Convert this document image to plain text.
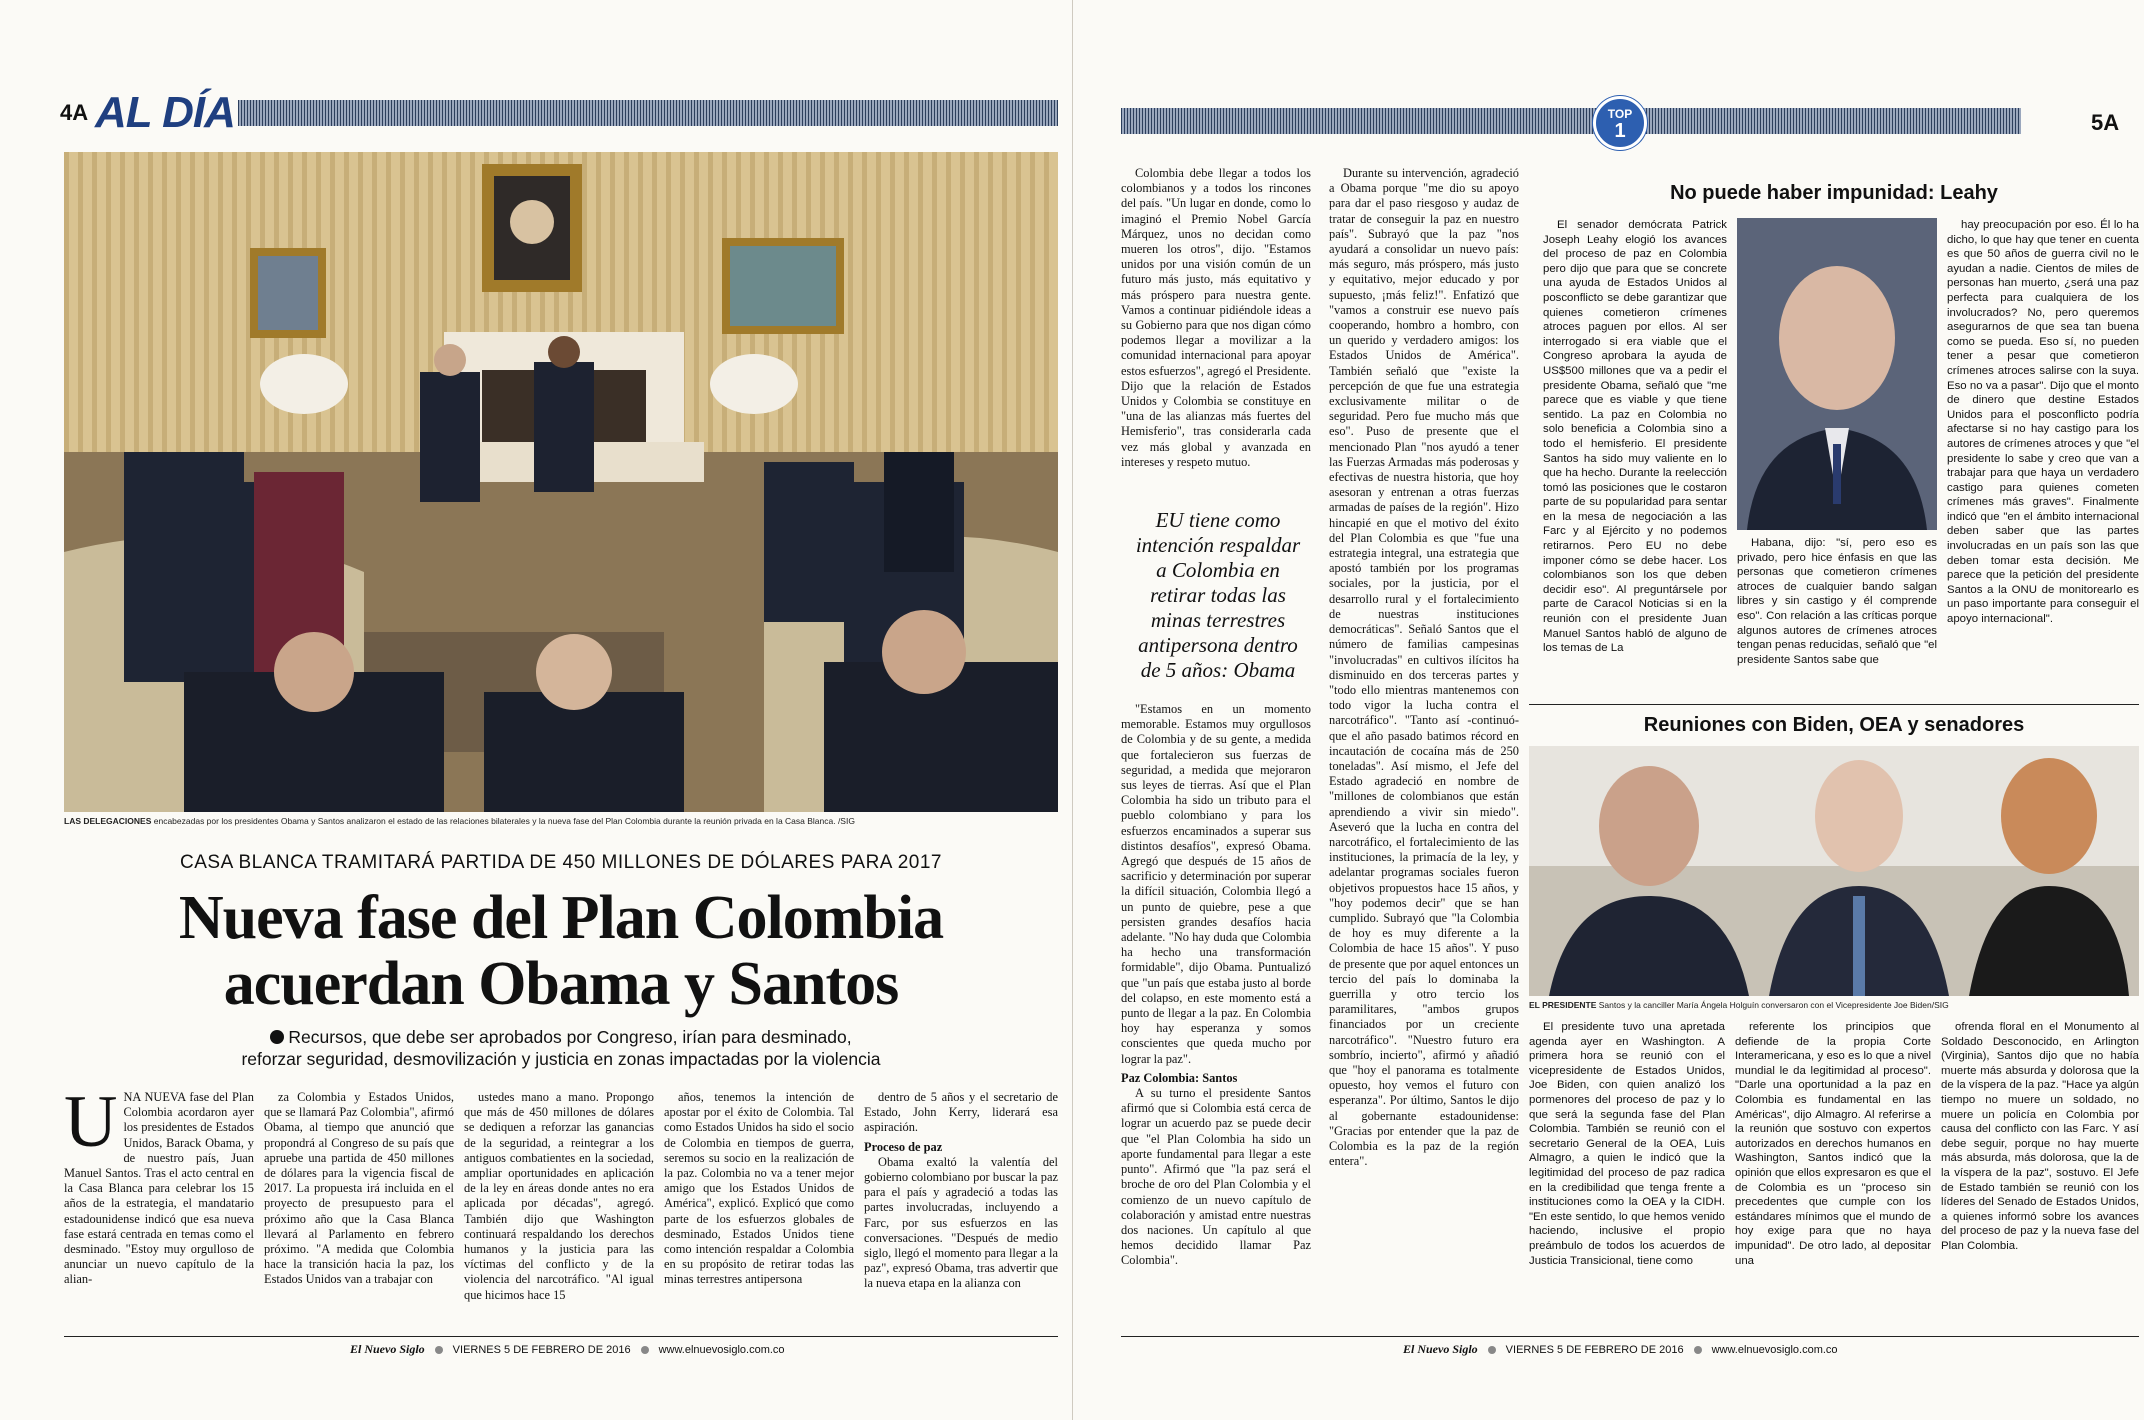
4A AL DÍA
LAS DELEGACIONES encabezadas por los presidentes Obama y Santos analizaron el estado de las relaciones bilaterales y la nueva fase del Plan Colombia durante la reunión privada en la Casa Blanca. /SIG
CASA BLANCA TRAMITARÁ PARTIDA DE 450 MILLONES DE DÓLARES PARA 2017
Nueva fase del Plan Colombia
acuerdan Obama y Santos
Recursos, que debe ser aprobados por Congreso, irían para desminado,
reforzar seguridad, desmovilización y justicia en zonas impactadas por la violencia
U NA NUEVA fase del Plan Colombia acordaron ayer los presidentes de Estados Unidos, Barack Obama, y de nuestro país, Juan Manuel Santos. Tras el acto central en la Casa Blanca para celebrar los 15 años de la estrategia, el mandatario estadounidense indicó que esa nueva fase estará centrada en temas como el desminado. "Estoy muy orgulloso de anunciar un nuevo capítulo de la alian-

za Colombia y Estados Unidos, que se llamará Paz Colombia", afirmó Obama, al tiempo que anunció que propondrá al Congreso de su país que apruebe una partida de 450 millones de dólares para la vigencia fiscal de 2017. La propuesta irá incluida en el proyecto de presupuesto para el próximo año que la Casa Blanca llevará al Parlamento en febrero próximo. "A medida que Colombia hace la transición hacia la paz, los Estados Unidos van a trabajar con

ustedes mano a mano. Propongo que más de 450 millones de dólares se dediquen a reforzar las ganancias de la seguridad, a reintegrar a los antiguos combatientes en la sociedad, ampliar oportunidades en aplicación de la ley en áreas donde antes no era aplicada por décadas", agregó. También dijo que Washington continuará respaldando los derechos humanos y la justicia para las víctimas del conflicto y de la violencia del narcotráfico. "Al igual que hicimos hace 15

años, tenemos la intención de apostar por el éxito de Colombia. Tal como Estados Unidos ha sido el socio de Colombia en tiempos de guerra, seremos su socio en la realización de la paz. Colombia no va a tener mejor amigo que los Estados Unidos de América", explicó. Explicó que como parte de los esfuerzos globales de desminado, Estados Unidos tiene como intención respaldar a Colombia en su propósito de retirar todas las minas terrestres antipersona

dentro de 5 años y el secretario de Estado, John Kerry, liderará esa aspiración.

Proceso de paz

Obama exaltó la valentía del gobierno colombiano por buscar la paz para el país y agradeció a todas las partes involucradas, incluyendo a Farc, por sus esfuerzos en las conversaciones. "Después de medio siglo, llegó el momento para llegar a la paz", expresó Obama, tras advertir que la nueva etapa en la alianza con

El Nuevo Siglo	VIERNES 5 DE FEBRERO DE 2016	www.elnuevosiglo.com.co
TOP
1	5A

Colombia debe llegar a todos los colombianos y a todos los rincones del país. "Un lugar en donde, como lo imaginó el Premio Nobel García Márquez, unos no decidan como mueren los otros", dijo. "Estamos unidos por una visión común de un futuro más justo, más equitativo y más próspero para nuestra gente. Vamos a continuar pidiéndole ideas a su Gobierno para que nos digan cómo podemos llegar a movilizar a la comunidad internacional para apoyar estos esfuerzos", agregó el Presidente. Dijo que la relación de Estados Unidos y Colombia se constituye en "una de las alianzas más fuertes del Hemisferio", tras considerarla cada vez más global y avanzada en intereses y respeto mutuo.

EU tiene como intención respaldar a Colombia en retirar todas las minas terrestres antipersona dentro de 5 años: Obama

"Estamos en un momento memorable. Estamos muy orgullosos de Colombia y de su gente, a medida que fortalecieron sus fuerzas de seguridad, a medida que mejoraron sus leyes de tierras. Así que el Plan Colombia ha sido un tributo para el pueblo colombiano y para los esfuerzos encaminados a superar sus distintos desafíos", expresó Obama. Agregó que después de 15 años de sacrificio y determinación por superar la difícil situación, Colombia llegó a un punto de quiebre, pese a que persisten grandes desafíos hacia adelante. "No hay duda que Colombia ha hecho una transformación formidable", dijo Obama. Puntualizó que "un país que estaba justo al borde del colapso, en este momento está a punto de llegar a la paz. En Colombia hoy hay esperanza y somos conscientes que queda mucho por lograr la paz".

Paz Colombia: Santos

A su turno el presidente Santos afirmó que si Colombia está cerca de lograr un acuerdo paz se puede decir que "el Plan Colombia ha sido un aporte fundamental para llegar a este punto". Afirmó que "la paz será el broche de oro del Plan Colombia y el comienzo de un nuevo capítulo de colaboración y amistad entre nuestras dos naciones. Un capítulo al que hemos decidido llamar Paz Colombia".

Durante su intervención, agradeció a Obama porque "me dio su apoyo para dar el paso riesgoso y audaz de tratar de conseguir la paz en nuestro país". Subrayó que la paz "nos ayudará a consolidar un nuevo país: más seguro, más próspero, más justo y equitativo, mejor educado y por supuesto, ¡más feliz!". Enfatizó que "vamos a construir ese nuevo país cooperando, hombro a hombro, con un querido y verdadero amigos: los Estados Unidos de América". También señaló que "existe la percepción de que fue una estrategia exclusivamente militar o de seguridad. Pero fue mucho más que eso". Puso de presente que el mencionado Plan "nos ayudó a tener las Fuerzas Armadas más poderosas y efectivas de nuestra historia, que hoy asesoran y entrenan a otras fuerzas armadas de países de la región". Hizo hincapié en que el motivo del éxito del Plan Colombia es que "fue una estrategia integral, una estrategia que apostó también por los programas sociales, por la justicia, por el desarrollo rural y el fortalecimiento de nuestras instituciones democráticas". Señaló Santos que el número de familias campesinas "involucradas" en cultivos ilícitos ha disminuido en dos terceras partes y "todo ello mientras mantenemos con todo vigor la lucha contra el narcotráfico". "Tanto así -continuó- que el año pasado batimos récord en incautación de cocaína más de 250 toneladas". Así mismo, el Jefe del Estado agradeció en nombre de "millones de colombianos que están aprendiendo a vivir sin miedo". Aseveró que la lucha en contra del narcotráfico, el fortalecimiento de las instituciones, la primacía de la ley, y adelantar programas sociales fueron objetivos propuestos hace 15 años, y "hoy podemos decir" que se han cumplido. Subrayó que "la Colombia de hoy es muy diferente a la Colombia de hace 15 años". Y puso de presente que por aquel entonces un tercio del país lo dominaba la guerrilla y otro tercio los paramilitares, "ambos grupos financiados por un creciente narcotráfico". "Nuestro futuro era sombrío, incierto", afirmó y añadió que "hoy el panorama es totalmente opuesto, hoy vemos el futuro con esperanza". Por último, Santos le dijo al gobernante estadounidense: "Gracias por entender que la paz de Colombia es la paz de la región entera".

No puede haber impunidad: Leahy

El senador demócrata Patrick Joseph Leahy elogió los avances del proceso de paz en Colombia pero dijo que para que se concrete una ayuda de Estados Unidos al posconflicto se debe garantizar que quienes cometieron crímenes atroces paguen por ellos. Al ser interrogado si era viable que el Congreso aprobara la ayuda de US$500 millones que va a pedir el presidente Obama, señaló que "me parece que es viable y que tiene sentido. La paz en Colombia no solo beneficia a Colombia sino a todo el hemisferio. El presidente Santos ha sido muy valiente en lo que ha hecho. Durante la reelección tomó las posiciones que le costaron parte de su popularidad para sentar en la mesa de negociación a las Farc y al Ejército y no podemos retirarnos. Pero EU no debe imponer cómo se debe hacer. Los colombianos son los que deben decidir eso". Al preguntársele por parte de Caracol Noticias si en la reunión con el presidente Juan Manuel Santos habló de alguno de los temas de La

Habana, dijo: "sí, pero eso es privado, pero hice énfasis en que las personas que cometieron crímenes atroces de cualquier bando salgan libres y sin castigo y él comprende eso". Con relación a las críticas porque algunos autores de crímenes atroces tengan penas reducidas, señaló que "el presidente Santos sabe que

hay preocupación por eso. Él lo ha dicho, lo que hay que tener en cuenta es que 50 años de guerra civil no le ayudan a nadie. Cientos de miles de personas han muerto, ¿será una paz perfecta para cualquiera de los involucrados? No, pero queremos asegurarnos de que sea tan buena como se pueda. Eso sí, no pueden tener a pesar que cometieron crímenes atroces salirse con la suya. Eso no va a pasar". Dijo que el monto de dinero que destine Estados Unidos para el posconflicto podría afectarse si no hay castigo para los autores de crímenes atroces y que "el presidente lo sabe y creo que van a trabajar para que haya un verdadero castigo para quienes cometen crímenes más graves". Finalmente indicó que "en el ámbito internacional deben saber que las partes involucradas en un país son las que deben tomar esta decisión. Me parece que la petición del presidente Santos a la ONU de monitorearlo es un paso importante para conseguir el apoyo internacional".

Reuniones con Biden, OEA y senadores
EL PRESIDENTE Santos y la canciller María Ángela Holguín conversaron con el Vicepresidente Joe Biden/SIG

El presidente tuvo una apretada agenda ayer en Washington. A primera hora se reunió con el vicepresidente de Estados Unidos, Joe Biden, con quien analizó los pormenores del proceso de paz y lo que será la segunda fase del Plan Colombia. También se reunió con el secretario General de la OEA, Luis Almagro, a quien le indicó que la legitimidad del proceso de paz radica en la credibilidad que tenga frente a instituciones como la OEA y la CIDH. "En este sentido, lo que hemos venido haciendo, inclusive el propio preámbulo de todos los acuerdos de Justicia Transicional, tiene como

referente los principios que defiende de la propia Corte Interamericana, y eso es lo que a nivel mundial le da legitimidad al proceso". "Darle una oportunidad a la paz en Colombia es fundamental en las Américas", dijo Almagro. Al referirse a la reunión que sostuvo con expertos autorizados en derechos humanos en Washington, Santos indicó que la opinión que ellos expresaron es que el de Colombia es un "proceso sin precedentes que cumple con los estándares mínimos que el mundo de hoy exige para que no haya impunidad". De otro lado, al depositar una

ofrenda floral en el Monumento al Soldado Desconocido, en Arlington (Virginia), Santos dijo que no había muerte más absurda y dolorosa que la de la víspera de la paz. "Hace ya algún tiempo no muere un soldado, no muere un policía en Colombia por causa del conflicto con las Farc. Y así debe seguir, porque no hay muerte más absurda, más dolorosa, que la de la víspera de la paz", sostuvo. El Jefe de Estado también se reunió con los líderes del Senado de Estados Unidos, a quienes informó sobre los avances del proceso de paz y la nueva fase del Plan Colombia.

El Nuevo Siglo	VIERNES 5 DE FEBRERO DE 2016	www.elnuevosiglo.com.co
